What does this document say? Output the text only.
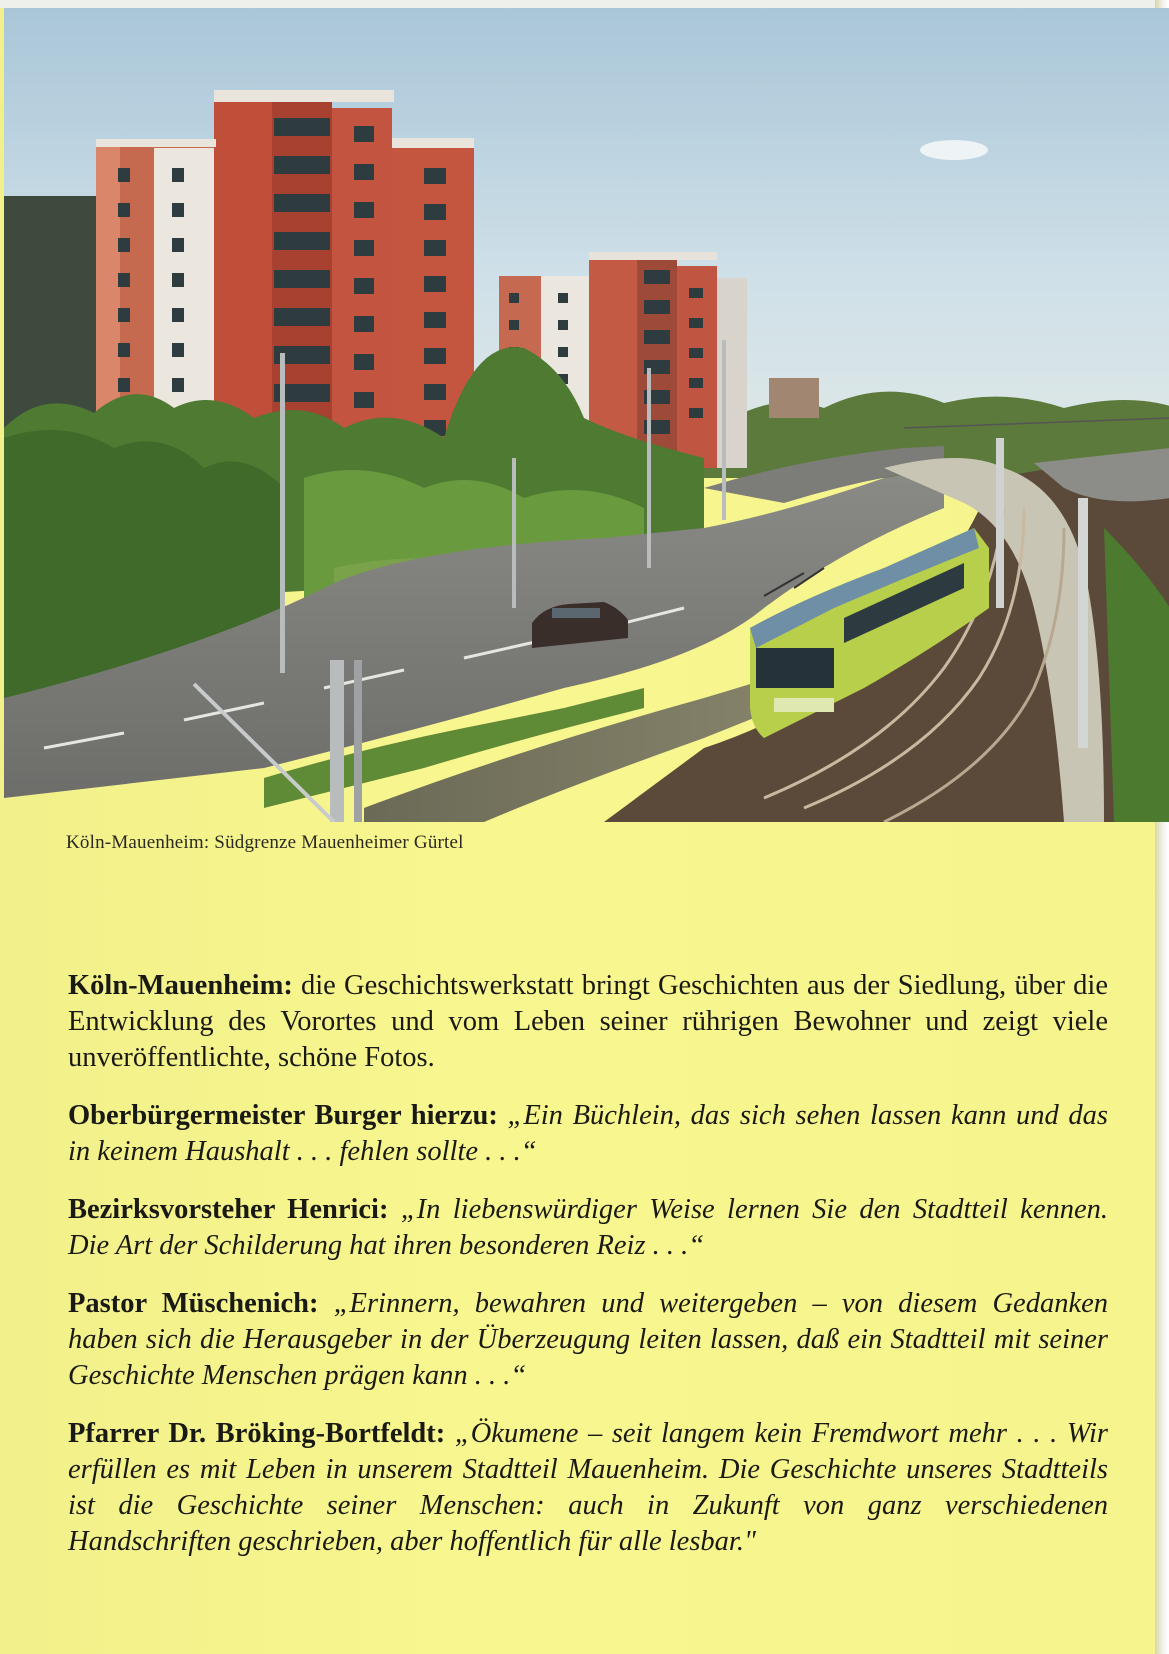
Köln-Mauenheim: Südgrenze Mauenheimer Gürtel

Köln-Mauenheim: die Geschichtswerkstatt bringt Geschichten aus der Siedlung, über die Entwicklung des Vorortes und vom Leben seiner rührigen Bewohner und zeigt viele unveröffentlichte, schöne Fotos.

Oberbürgermeister Burger hierzu: „Ein Büchlein, das sich sehen lassen kann und das in keinem Haushalt . . . fehlen sollte . . .“

Bezirksvorsteher Henrici: „In liebenswürdiger Weise lernen Sie den Stadtteil kennen. Die Art der Schilderung hat ihren besonderen Reiz . . .“

Pastor Müschenich: „Erinnern, bewahren und weitergeben – von diesem Gedanken haben sich die Herausgeber in der Überzeugung leiten lassen, daß ein Stadtteil mit seiner Geschichte Menschen prägen kann . . .“

Pfarrer Dr. Bröking-Bortfeldt: „Ökumene – seit langem kein Fremdwort mehr . . . Wir erfüllen es mit Leben in unserem Stadtteil Mauenheim. Die Geschichte unseres Stadtteils ist die Geschichte seiner Menschen: auch in Zukunft von ganz verschiedenen Handschriften geschrieben, aber hoffentlich für alle lesbar."
